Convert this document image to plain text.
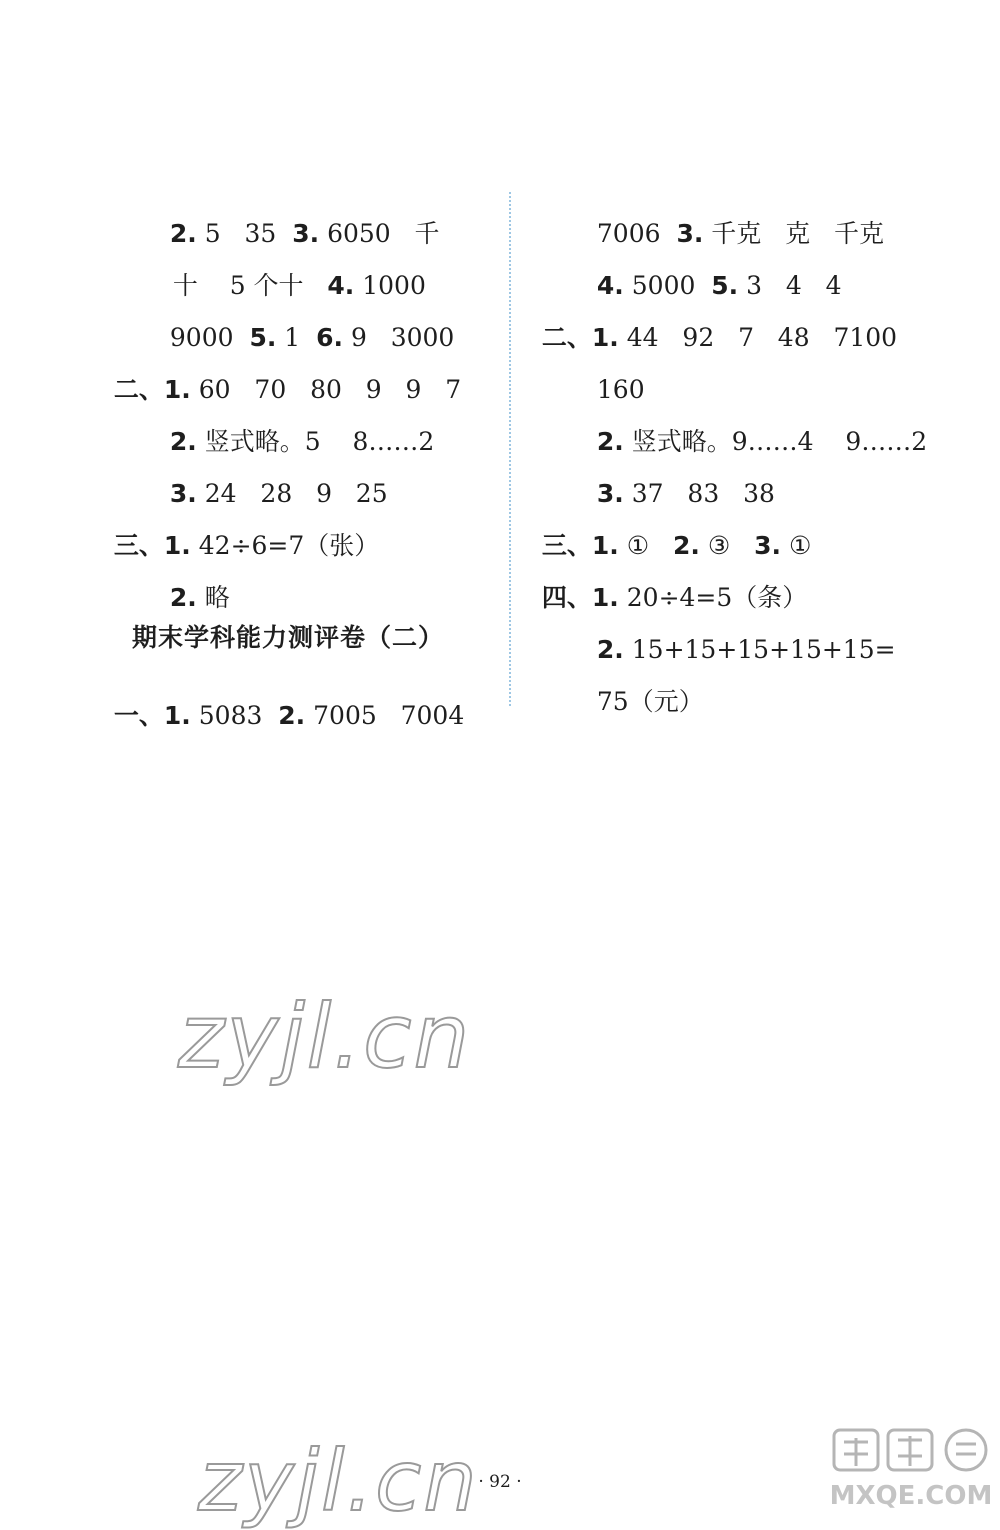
2. 5   35  3. 6050   千

十    5 个十   4. 1000

9000  5. 1  6. 9   3000

二、1. 60   70   80   9   9   7

2. 竖式略。5    8……2

3. 24   28   9   25

三、1. 42÷6=7（张）

2. 略

期末学科能力测评卷（二）

一、1. 5083  2. 7005   7004

7006  3. 千克   克   千克

4. 5000  5. 3   4   4

二、1. 44   92   7   48   7100

160

2. 竖式略。9……4    9……2

3. 37   83   38

三、1. ①   2. ③   3. ①

四、1. 20÷4=5（条）

2. 15+15+15+15+15=

75（元）

zyjl.cn
zyjl.cn · 92 ·	MXQE.COM
